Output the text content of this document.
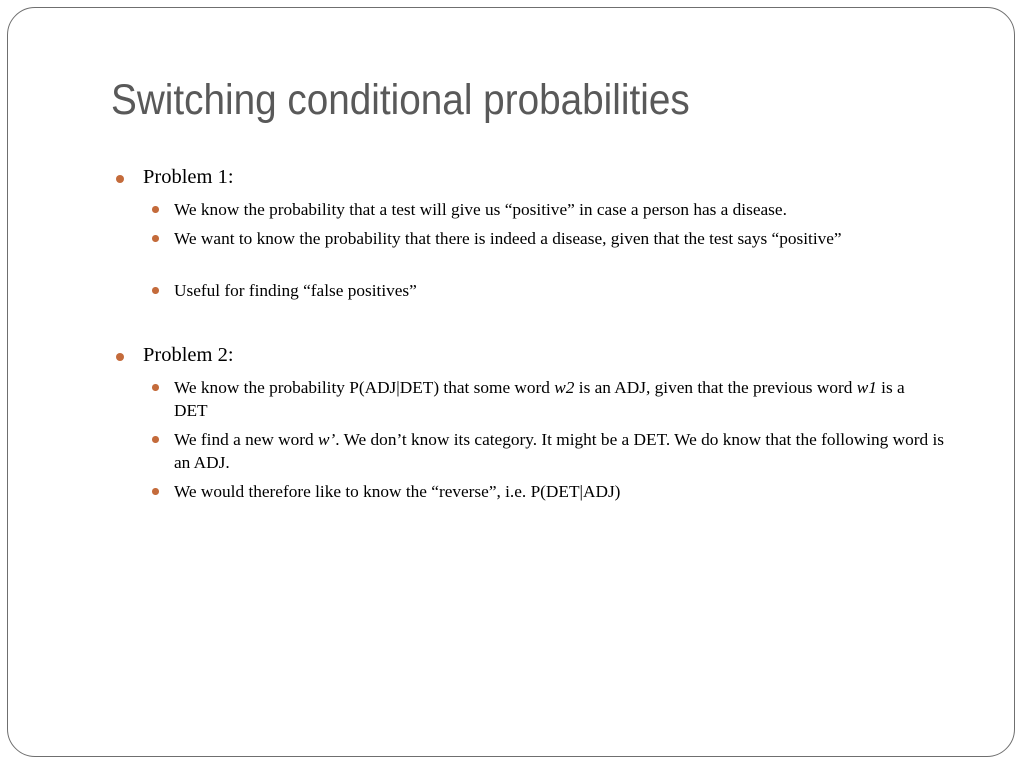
Switching conditional probabilities
Problem 1:
We know the probability that a test will give us “positive” in case a person has a disease.
We want to know the probability that there is indeed a disease, given that the test says “positive”
Useful for finding “false positives”
Problem 2:
We know the probability P(ADJ|DET) that some word w2 is an ADJ, given that the previous word w1 is a DET
We find a new word w’. We don’t know its category. It might be a DET. We do know that the following word is an ADJ.
We would therefore like to know the “reverse”, i.e. P(DET|ADJ)
